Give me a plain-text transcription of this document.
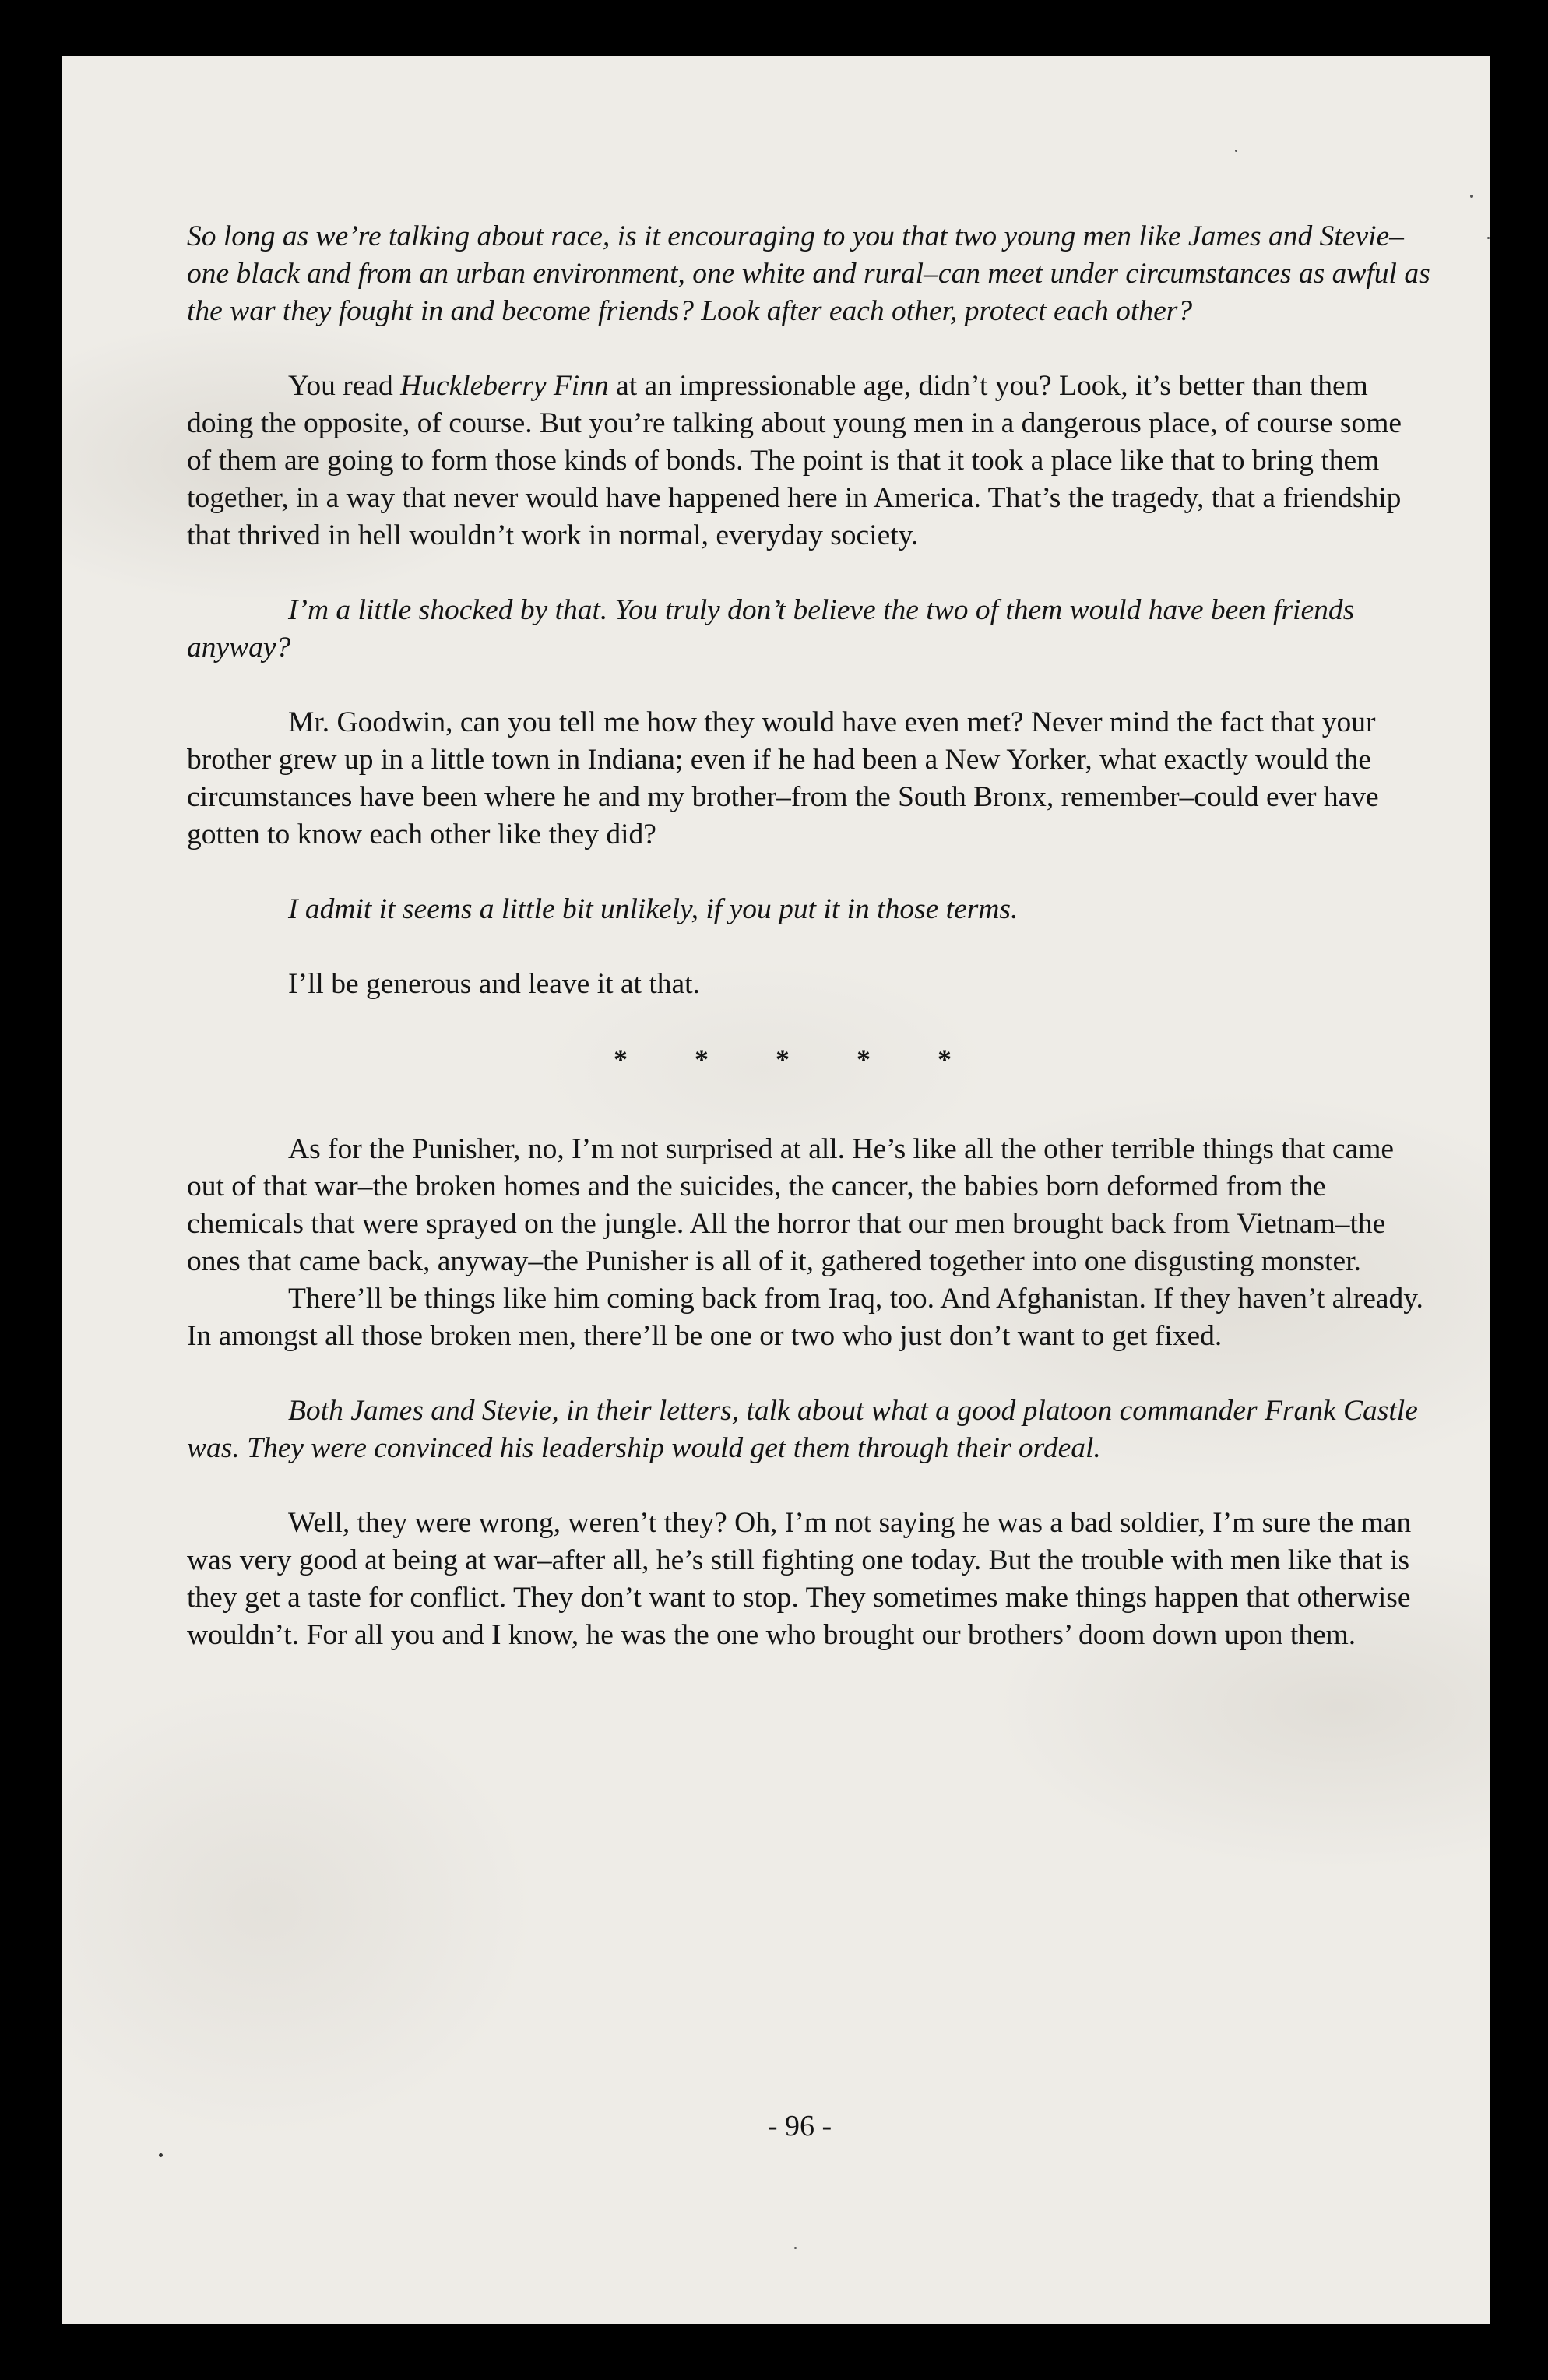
So long as we’re talking about race, is it encouraging to you that two young men like James and Stevie–one black and from an urban environment, one white and rural–can meet under circumstances as awful as the war they fought in and become friends? Look after each other, protect each other?

You read Huckleberry Finn at an impressionable age, didn’t you? Look, it’s better than them doing the opposite, of course. But you’re talking about young men in a dangerous place, of course some of them are going to form those kinds of bonds. The point is that it took a place like that to bring them together, in a way that never would have happened here in America. That’s the tragedy, that a friendship that thrived in hell wouldn’t work in normal, everyday society.

I’m a little shocked by that. You truly don’t believe the two of them would have been friends anyway?

Mr. Goodwin, can you tell me how they would have even met? Never mind the fact that your brother grew up in a little town in Indiana; even if he had been a New Yorker, what exactly would the circumstances have been where he and my brother–from the South Bronx, remember–could ever have gotten to know each other like they did?

I admit it seems a little bit unlikely, if you put it in those terms.

I’ll be generous and leave it at that.

* * * * *

As for the Punisher, no, I’m not surprised at all. He’s like all the other terrible things that came out of that war–the broken homes and the suicides, the cancer, the babies born deformed from the chemicals that were sprayed on the jungle. All the horror that our men brought back from Vietnam–the ones that came back, anyway–the Punisher is all of it, gathered together into one disgusting monster.

There’ll be things like him coming back from Iraq, too. And Afghanistan. If they haven’t already. In amongst all those broken men, there’ll be one or two who just don’t want to get fixed.

Both James and Stevie, in their letters, talk about what a good platoon commander Frank Castle was. They were convinced his leadership would get them through their ordeal.

Well, they were wrong, weren’t they? Oh, I’m not saying he was a bad soldier, I’m sure the man was very good at being at war–after all, he’s still fighting one today. But the trouble with men like that is they get a taste for conflict. They don’t want to stop. They sometimes make things happen that otherwise wouldn’t. For all you and I know, he was the one who brought our brothers’ doom down upon them.

- 96 -
